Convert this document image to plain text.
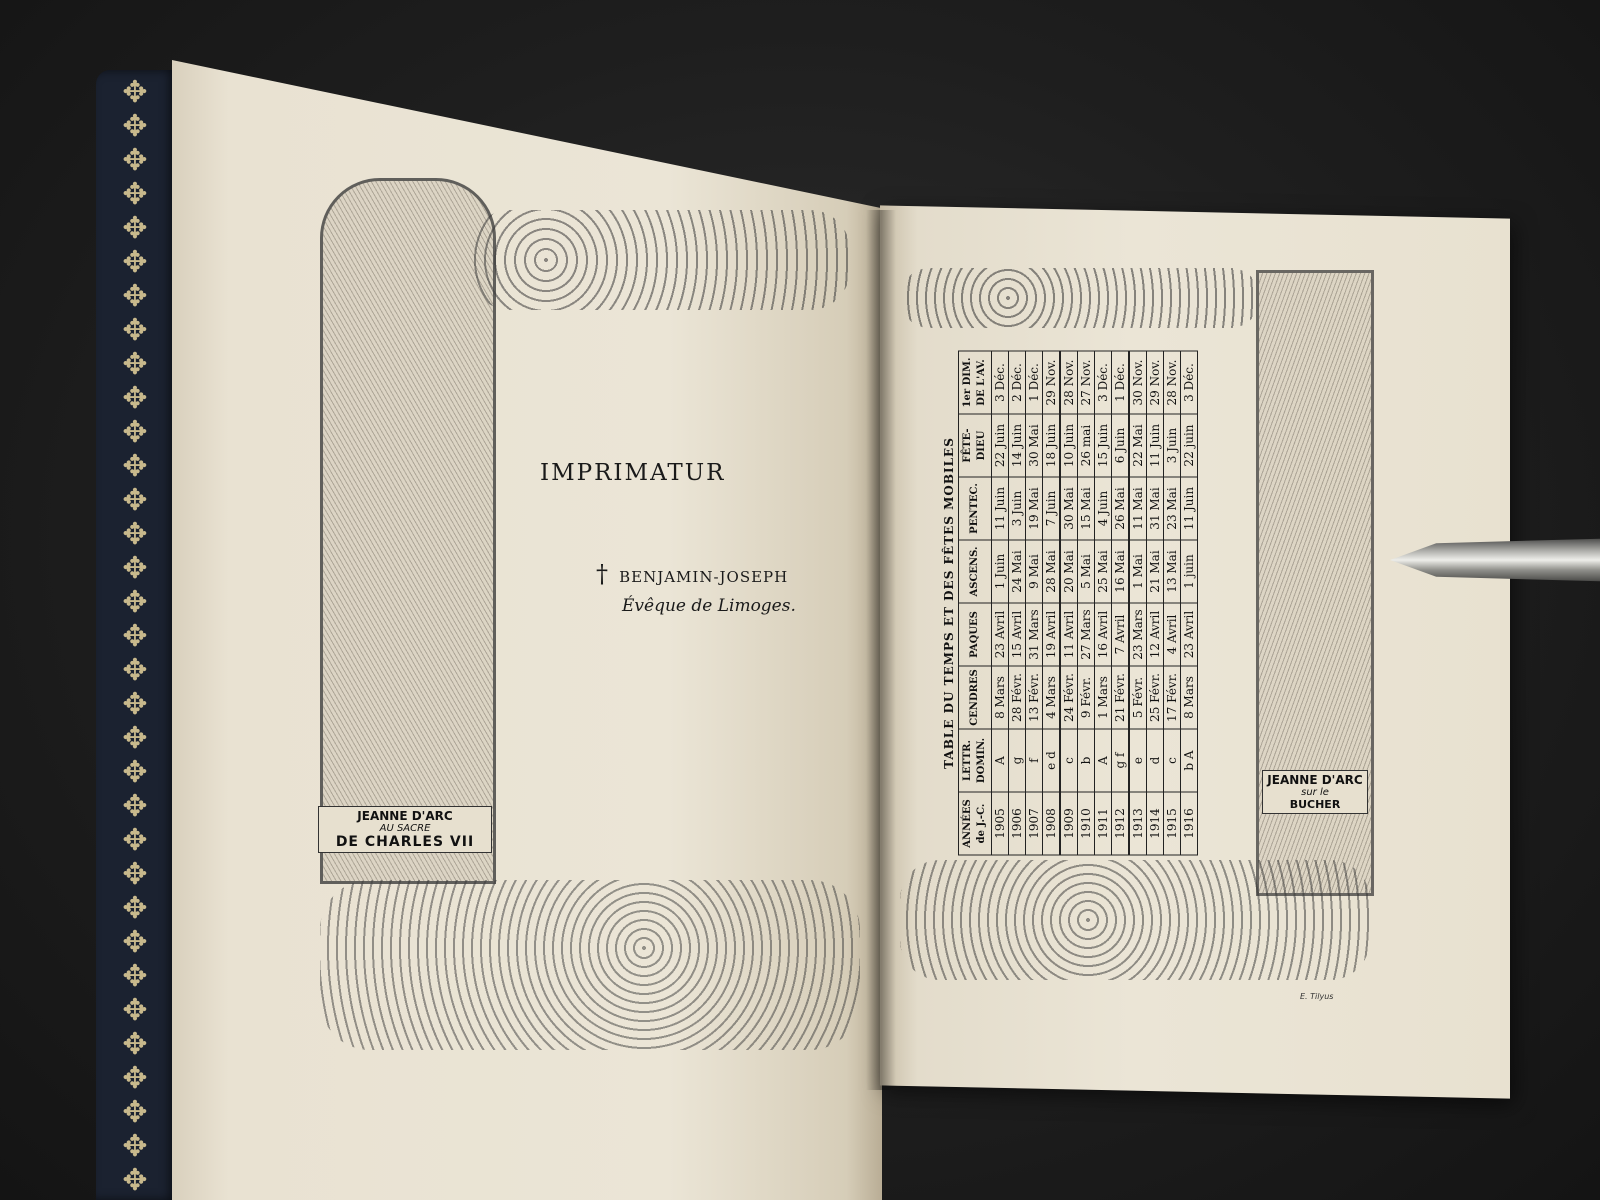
✥ ✥ ✥ ✥ ✥ ✥ ✥ ✥ ✥ ✥ ✥ ✥ ✥ ✥ ✥ ✥ ✥ ✥ ✥ ✥ ✥ ✥ ✥ ✥ ✥ ✥ ✥ ✥ ✥ ✥ ✥ ✥ ✥
JEANNE D'ARC
AU SACRE
DE CHARLES VII
IMPRIMATUR
† BENJAMIN-JOSEPH
Évêque de Limoges.
JEANNE D'ARC
sur le
BUCHER
TABLE DU TEMPS ET DES FÊTES MOBILES
ANNÉES de J.-C.	LETTR. DOMIN.	CENDRES	PAQUES	ASCENS.	PENTEC.	FÊTE-DIEU	1er DIM. DE L'AV.
1905	A	8 Mars	23 Avril	1 Juin	11 Juin	22 Juin	3 Déc.
1906	g	28 Févr.	15 Avril	24 Mai	3 Juin	14 Juin	2 Déc.
1907	f	13 Févr.	31 Mars	9 Mai	19 Mai	30 Mai	1 Déc.
1908	e d	4 Mars	19 Avril	28 Mai	7 Juin	18 Juin	29 Nov.
1909	c	24 Févr.	11 Avril	20 Mai	30 Mai	10 Juin	28 Nov.
1910	b	9 Févr.	27 Mars	5 Mai	15 Mai	26 mai	27 Nov.
1911	A	1 Mars	16 Avril	25 Mai	4 Juin	15 Juin	3 Déc.
1912	g f	21 Févr.	7 Avril	16 Mai	26 Mai	6 Juin	1 Déc.
1913	e	5 Févr.	23 Mars	1 Mai	11 Mai	22 Mai	30 Nov.
1914	d	25 Févr.	12 Avril	21 Mai	31 Mai	11 Juin	29 Nov.
1915	c	17 Févr.	4 Avril	13 Mai	23 Mai	3 Juin	28 Nov.
1916	b A	8 Mars	23 Avril	1 juin	11 Juin	22 juin	3 Déc.
E. Tilyus
